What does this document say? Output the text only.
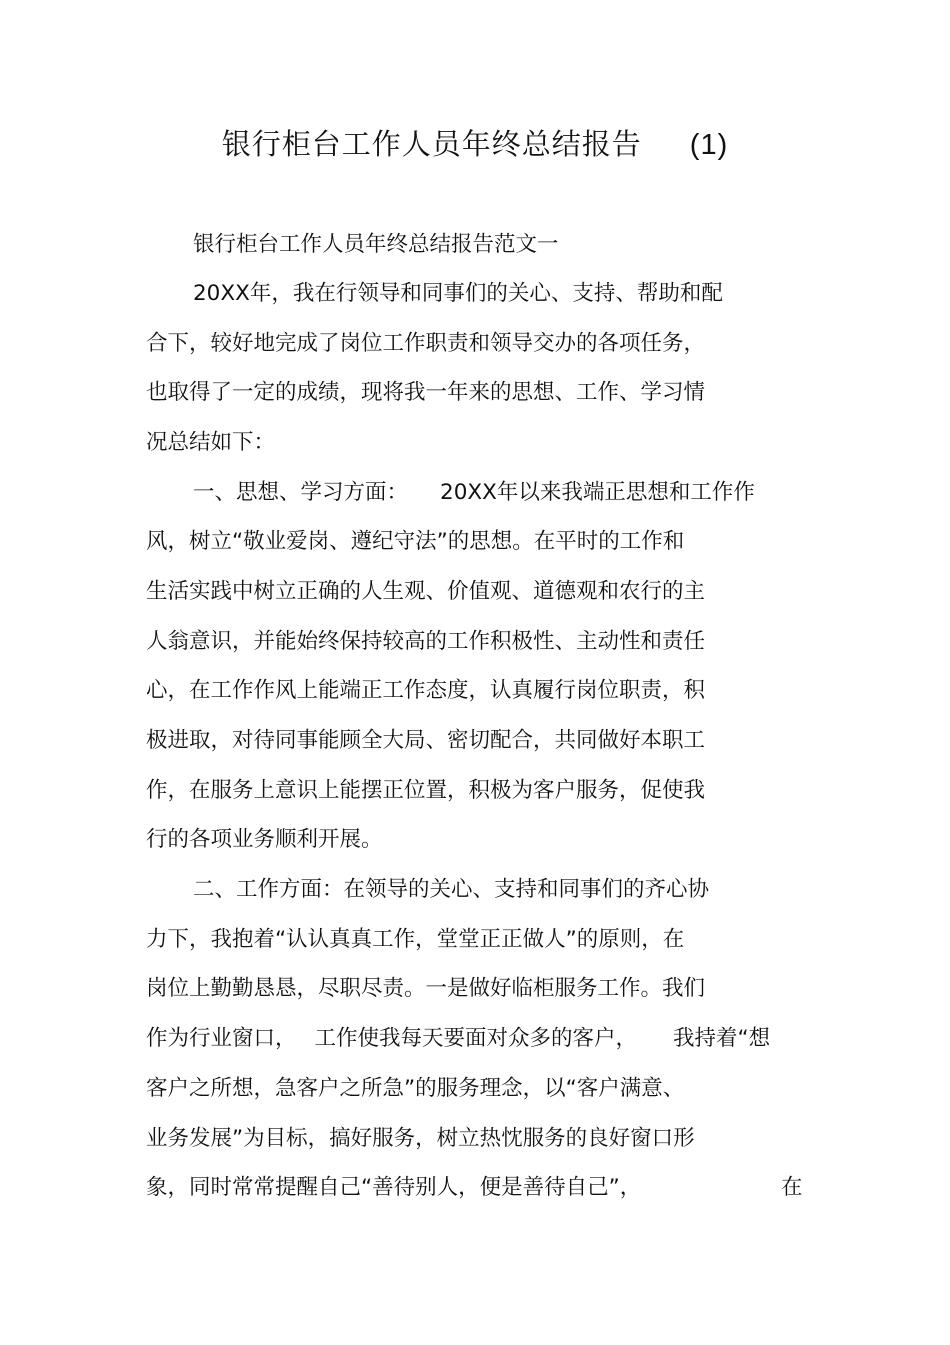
银行柜台工作人员年终总结报告 (1)
银行柜台工作人员年终总结报告范文一
20XX年，我在行领导和同事们的关心、支持、帮助和配
合下，较好地完成了岗位工作职责和领导交办的各项任务，
也取得了一定的成绩，现将我一年来的思想、工作、学习情
况总结如下：
一、思想、学习方面： 20XX年以来我端正思想和工作作
风，树立“敬业爱岗、遵纪守法”的思想。在平时的工作和
生活实践中树立正确的人生观、价值观、道德观和农行的主
人翁意识，并能始终保持较高的工作积极性、主动性和责任
心，在工作作风上能端正工作态度，认真履行岗位职责，积
极进取，对待同事能顾全大局、密切配合，共同做好本职工
作，在服务上意识上能摆正位置，积极为客户服务，促使我
行的各项业务顺利开展。
二、工作方面：在领导的关心、支持和同事们的齐心协
力下，我抱着“认认真真工作，堂堂正正做人”的原则，在
岗位上勤勤恳恳，尽职尽责。一是做好临柜服务工作。我们
作为行业窗口， 工作使我每天要面对众多的客户， 我持着“想
客户之所想，急客户之所急”的服务理念，以“客户满意、
业务发展”为目标，搞好服务，树立热忱服务的良好窗口形
象，同时常常提醒自己“善待别人，便是善待自己”，	在
